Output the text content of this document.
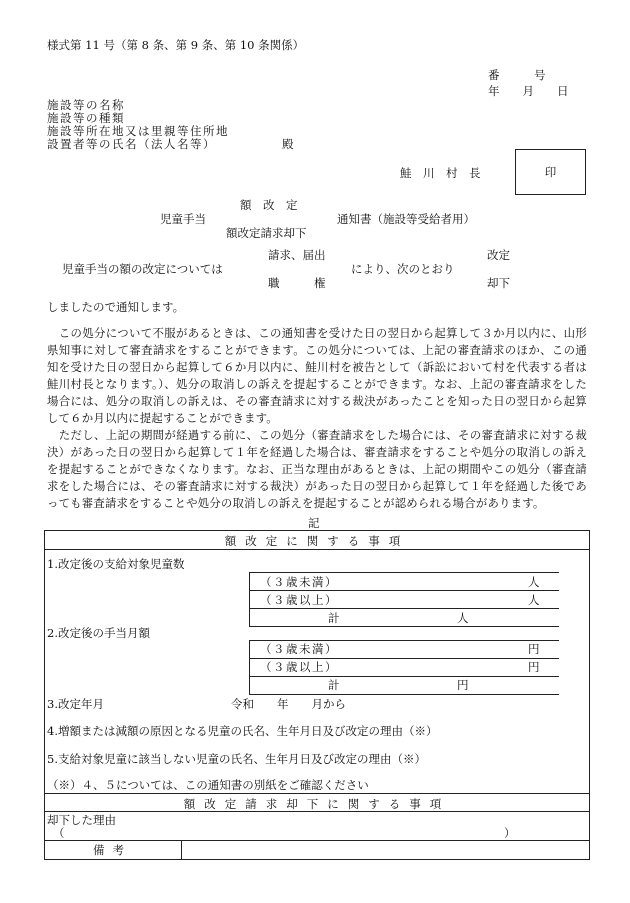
様式第 11 号（第 8 条、第 9 条、第 10 条関係）
番　　　号
年　　月　　日
施設等の名称
施設等の種類
施設等所在地又は里親等住所地
設置者等の氏名（法人名等）	殿
鮭　川　村　長	印
額　改　定
児童手当	通知書（施設等受給者用）
額改定請求却下
請求、届出	改定
児童手当の額の改定については	により、次のとおり
職　　　権	却下
しましたので通知します。
　この処分について不服があるときは、この通知書を受けた日の翌日から起算して３か月以内に、山形県知事に対して審査請求をすることができます。この処分については、上記の審査請求のほか、この通知を受けた日の翌日から起算して６か月以内に、鮭川村を被告として（訴訟において村を代表する者は鮭川村長となります。）、処分の取消しの訴えを提起することができます。なお、上記の審査請求をした場合には、処分の取消しの訴えは、その審査請求に対する裁決があったことを知った日の翌日から起算して６か月以内に提起することができます。
　ただし、上記の期間が経過する前に、この処分（審査請求をした場合には、その審査請求に対する裁決）があった日の翌日から起算して１年を経過した場合は、審査請求をすることや処分の取消しの訴えを提起することができなくなります。なお、正当な理由があるときは、上記の期間やこの処分（審査請求をした場合には、その審査請求に対する裁決）があった日の翌日から起算して１年を経過した後であっても審査請求をすることや処分の取消しの訴えを提起することが認められる場合があります。
記
額改定に関する事項
1.改定後の支給対象児童数
（３歳未満）	人
（３歳以上）	人
計	人
2.改定後の手当月額
（３歳未満）	円
（３歳以上）	円
計	円
3.改定年月	令和　　年　　月から
4.増額または減額の原因となる児童の氏名、生年月日及び改定の理由（※）
5.支給対象児童に該当しない児童の氏名、生年月日及び改定の理由（※）
（※）４、５については、この通知書の別紙をご確認ください
額改定請求却下に関する事項
却下した理由
（	）
備考
